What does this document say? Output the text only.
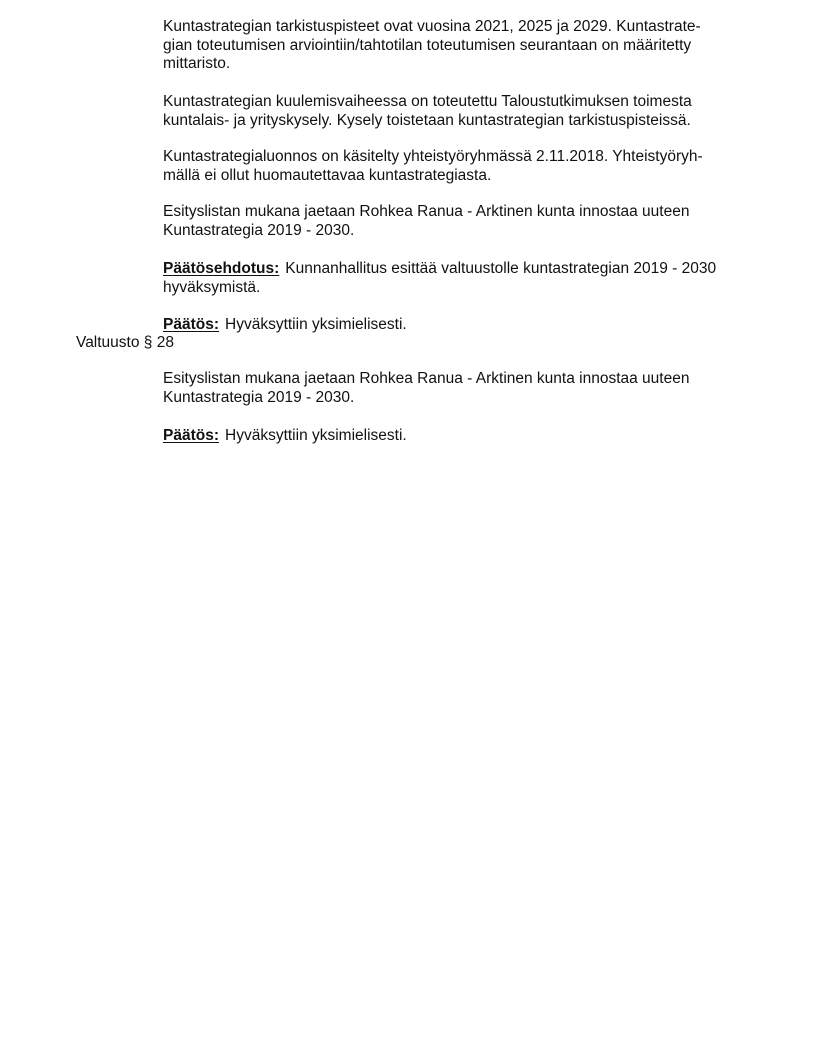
Kuntastrategian tarkistuspisteet ovat vuosina 2021, 2025 ja 2029. Kuntastrate-
gian toteutumisen arviointiin/tahtotilan toteutumisen seurantaan on määritetty
mittaristo.
Kuntastrategian kuulemisvaiheessa on toteutettu Taloustutkimuksen toimesta
kuntalais- ja yrityskysely. Kysely toistetaan kuntastrategian tarkistuspisteissä.
Kuntastrategialuonnos on käsitelty yhteistyöryhmässä 2.11.2018. Yhteistyöryh-
mällä ei ollut huomautettavaa kuntastrategiasta.
Esityslistan mukana jaetaan Rohkea Ranua - Arktinen kunta innostaa uuteen
Kuntastrategia 2019 - 2030.
Päätösehdotus: Kunnanhallitus esittää valtuustolle kuntastrategian 2019 - 2030
hyväksymistä.
Päätös: Hyväksyttiin yksimielisesti.
Valtuusto § 28
Esityslistan mukana jaetaan Rohkea Ranua - Arktinen kunta innostaa uuteen
Kuntastrategia 2019 - 2030.
Päätös: Hyväksyttiin yksimielisesti.
